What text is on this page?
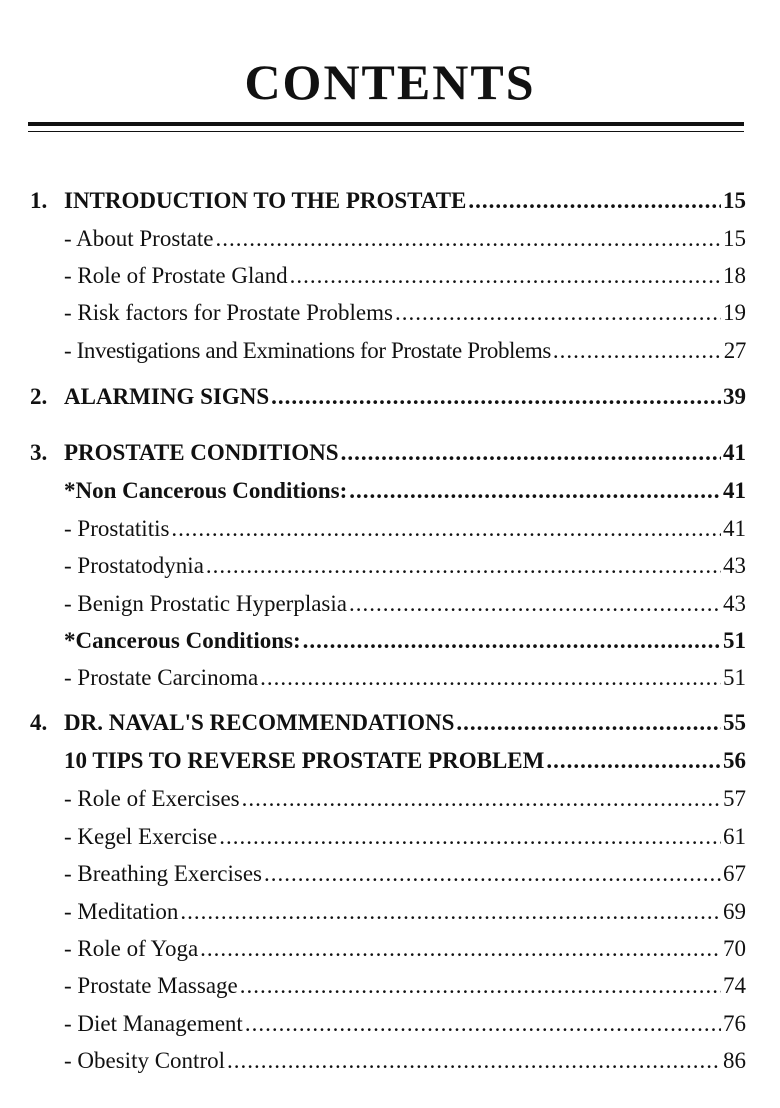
CONTENTS
1. INTRODUCTION TO THE PROSTATE .....	15
- About Prostate .....	15
- Role of Prostate Gland .....	18
- Risk factors for Prostate Problems .....	19
- Investigations and Exminations for Prostate Problems .....	27
2. ALARMING SIGNS .....	39
3. PROSTATE CONDITIONS .....	41
*Non Cancerous Conditions: .....	41
- Prostatitis .....	41
- Prostatodynia .....	43
- Benign Prostatic Hyperplasia .....	43
*Cancerous Conditions: .....	51
- Prostate Carcinoma .....	51
4. DR. NAVAL'S RECOMMENDATIONS .....	55
10 TIPS TO REVERSE PROSTATE PROBLEM .....	56
- Role of Exercises .....	57
- Kegel Exercise .....	61
- Breathing Exercises .....	67
- Meditation .....	69
- Role of Yoga .....	70
- Prostate Massage .....	74
- Diet Management .....	76
- Obesity Control .....	86
